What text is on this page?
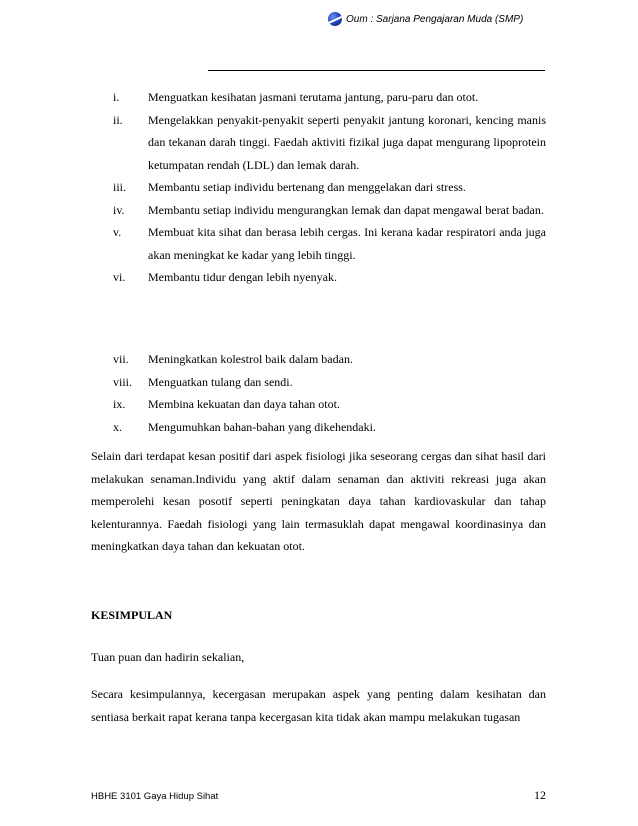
Oum : Sarjana Pengajaran Muda (SMP)
i.	Menguatkan kesihatan jasmani terutama jantung, paru-paru dan otot.
ii.	Mengelakkan penyakit-penyakit seperti penyakit jantung koronari, kencing manis dan tekanan darah tinggi. Faedah aktiviti fizikal juga dapat mengurang lipoprotein ketumpatan rendah (LDL) dan lemak darah.
iii.	Membantu setiap individu bertenang dan menggelakan dari stress.
iv.	Membantu setiap individu mengurangkan lemak dan dapat mengawal berat badan.
v.	Membuat kita sihat dan berasa lebih cergas. Ini kerana kadar respiratori anda juga akan meningkat ke kadar yang lebih tinggi.
vi.	Membantu tidur dengan lebih nyenyak.
vii.	Meningkatkan kolestrol baik dalam badan.
viii.	Menguatkan tulang dan sendi.
ix.	Membina kekuatan dan daya tahan otot.
x.	Mengumuhkan bahan-bahan yang dikehendaki.

Selain dari terdapat kesan positif dari aspek fisiologi jika seseorang cergas dan sihat hasil dari melakukan senaman.Individu yang aktif dalam senaman dan aktiviti rekreasi juga akan memperolehi kesan posotif seperti peningkatan daya tahan kardiovaskular dan tahap kelenturannya. Faedah fisiologi yang lain termasuklah dapat mengawal koordinasinya dan meningkatkan daya tahan dan kekuatan otot.

KESIMPULAN

Tuan puan dan hadirin sekalian,

Secara kesimpulannya, kecergasan merupakan aspek yang penting dalam kesihatan dan sentiasa berkait rapat kerana tanpa kecergasan kita tidak akan mampu melakukan tugasan

HBHE 3101 Gaya Hidup Sihat	12
